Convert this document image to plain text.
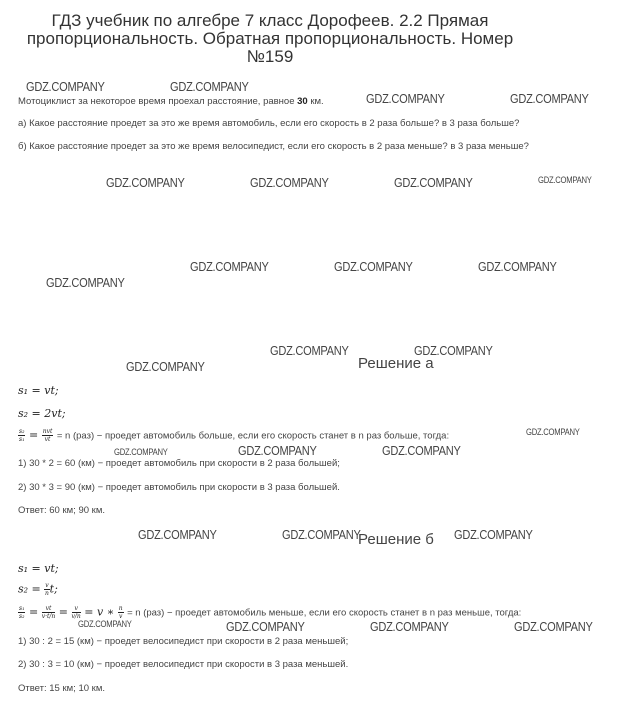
ГДЗ учебник по алгебре 7 класс Дорофеев. 2.2 Прямая пропорциональность. Обратная пропорциональность. Номер №159
Мотоциклист за некоторое время проехал расстояние, равное 30 км.
а) Какое расстояние проедет за это же время автомобиль, если его скорость в 2 раза больше? в 3 раза больше?
б) Какое расстояние проедет за это же время велосипедист, если его скорость в 2 раза меньше? в 3 раза меньше?
Решение а
s₁ = vt;
s₂ = 2vt;
$\frac{\text{s₂}}{\text{s₁}} = \frac{\text{nvt}}{vt} = n$ (раз) − проедет автомобиль больше, если его скорость станет в n раз больше, тогда:
1) 30 * 2 = 60 (км) − проедет автомобиль при скорости в 2 раза большей;
2) 30 * 3 = 90 (км) − проедет автомобиль при скорости в 3 раза большей.
Ответ: 60 км; 90 км.
Решение б
s₁ = vt;
$s_2 = \frac{v}{n} t$;
$\frac{\text{s₁}}{\text{s₂}} = \frac{vt}{v\cdot t/n} = \frac{v}{v/n} = v$ ∗ $\frac{n}{v} = n$ (раз) − проедет автомобиль меньше, если его скорость станет в n раз меньше, тогда:
1) 30 : 2 = 15 (км) − проедет велосипедист при скорости в 2 раза меньшей;
2) 30 : 3 = 10 (км) − проедет велосипедист при скорости в 3 раза меньшей.
Ответ: 15 км; 10 км.
GDZ.COMPANY	GDZ.COMPANY
GDZ.COMPANY	GDZ.COMPANY
GDZ.COMPANY	GDZ.COMPANY	GDZ.COMPANY	GDZ.COMPANY
GDZ.COMPANY	GDZ.COMPANY	GDZ.COMPANY
GDZ.COMPANY
GDZ.COMPANY	GDZ.COMPANY
GDZ.COMPANY
GDZ.COMPANY
GDZ.COMPANY	GDZ.COMPANY	GDZ.COMPANY
GDZ.COMPANY	GDZ.COMPANY	GDZ.COMPANY
GDZ.COMPANY	GDZ.COMPANY	GDZ.COMPANY	GDZ.COMPANY
